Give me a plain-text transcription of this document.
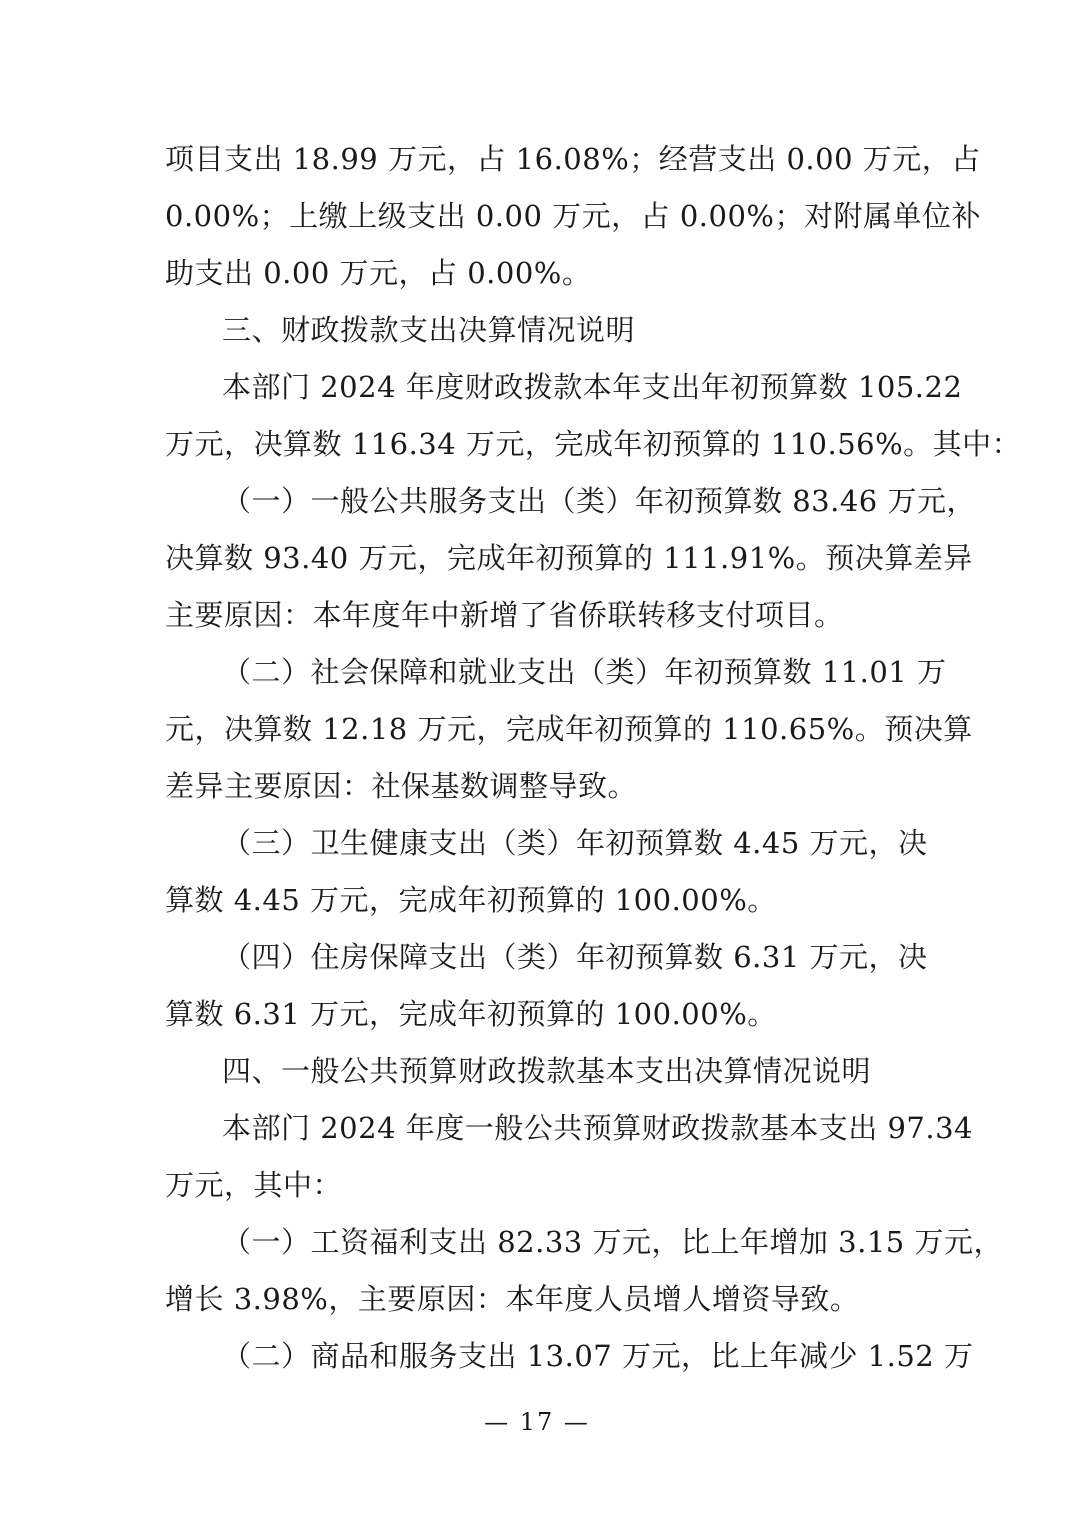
项目支出 18.99 万元，占 16.08%；经营支出 0.00 万元，占
0.00%；上缴上级支出 0.00 万元，占 0.00%；对附属单位补
助支出 0.00 万元，占 0.00%。
三、财政拨款支出决算情况说明
本部门 2024 年度财政拨款本年支出年初预算数 105.22
万元，决算数 116.34 万元，完成年初预算的 110.56%。其中：
（一）一般公共服务支出（类）年初预算数 83.46 万元，
决算数 93.40 万元，完成年初预算的 111.91%。预决算差异
主要原因：本年度年中新增了省侨联转移支付项目。
（二）社会保障和就业支出（类）年初预算数 11.01 万
元，决算数 12.18 万元，完成年初预算的 110.65%。预决算
差异主要原因：社保基数调整导致。
（三）卫生健康支出（类）年初预算数 4.45 万元，决
算数 4.45 万元，完成年初预算的 100.00%。
（四）住房保障支出（类）年初预算数 6.31 万元，决
算数 6.31 万元，完成年初预算的 100.00%。
四、一般公共预算财政拨款基本支出决算情况说明
本部门 2024 年度一般公共预算财政拨款基本支出 97.34
万元，其中：
（一）工资福利支出 82.33 万元，比上年增加 3.15 万元，
增长 3.98%，主要原因：本年度人员增人增资导致。
（二）商品和服务支出 13.07 万元，比上年减少 1.52 万
— 17 —
